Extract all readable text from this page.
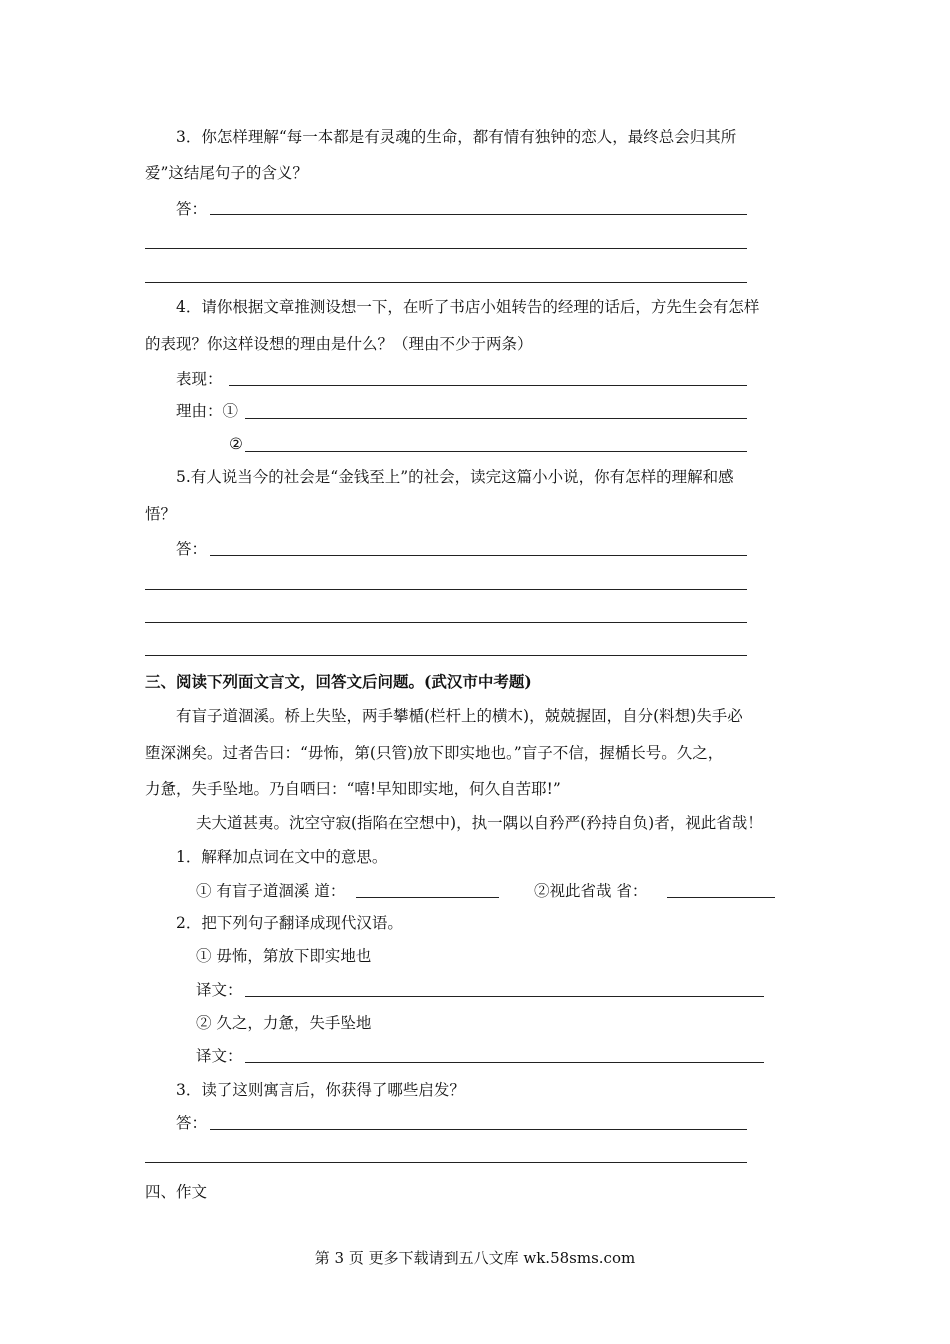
3．你怎样理解“每一本都是有灵魂的生命，都有情有独钟的恋人，最终总会归其所
爱”这结尾句子的含义？
答：
4．请你根据文章推测设想一下，在听了书店小姐转告的经理的话后，方先生会有怎样
的表现？你这样设想的理由是什么？（理由不少于两条）
表现：
理由：①
②
5.有人说当今的社会是“金钱至上”的社会，读完这篇小小说，你有怎样的理解和感
悟？
答：
三、阅读下列面文言文，回答文后问题。(武汉市中考题)
有盲子道涸溪。桥上失坠，两手攀楯(栏杆上的横木)，兢兢握固，自分(料想)失手必
堕深渊矣。过者告曰：“毋怖，第(只管)放下即实地也。”盲子不信，握楯长号。久之，
力惫，失手坠地。乃自哂曰：“嘻!早知即实地，何久自苦耶!”
夫大道甚夷。沈空守寂(指陷在空想中)，执一隅以自矜严(矜持自负)者，视此省哉！
1．解释加点词在文中的意思。
① 有盲子道涸溪 道：	②视此省哉 省：
2．把下列句子翻译成现代汉语。
① 毋怖，第放下即实地也
译文：
② 久之，力惫，失手坠地
译文：
3．读了这则寓言后，你获得了哪些启发？
答：
四、作文
第 3 页 更多下载请到五八文库 wk.58sms.com
